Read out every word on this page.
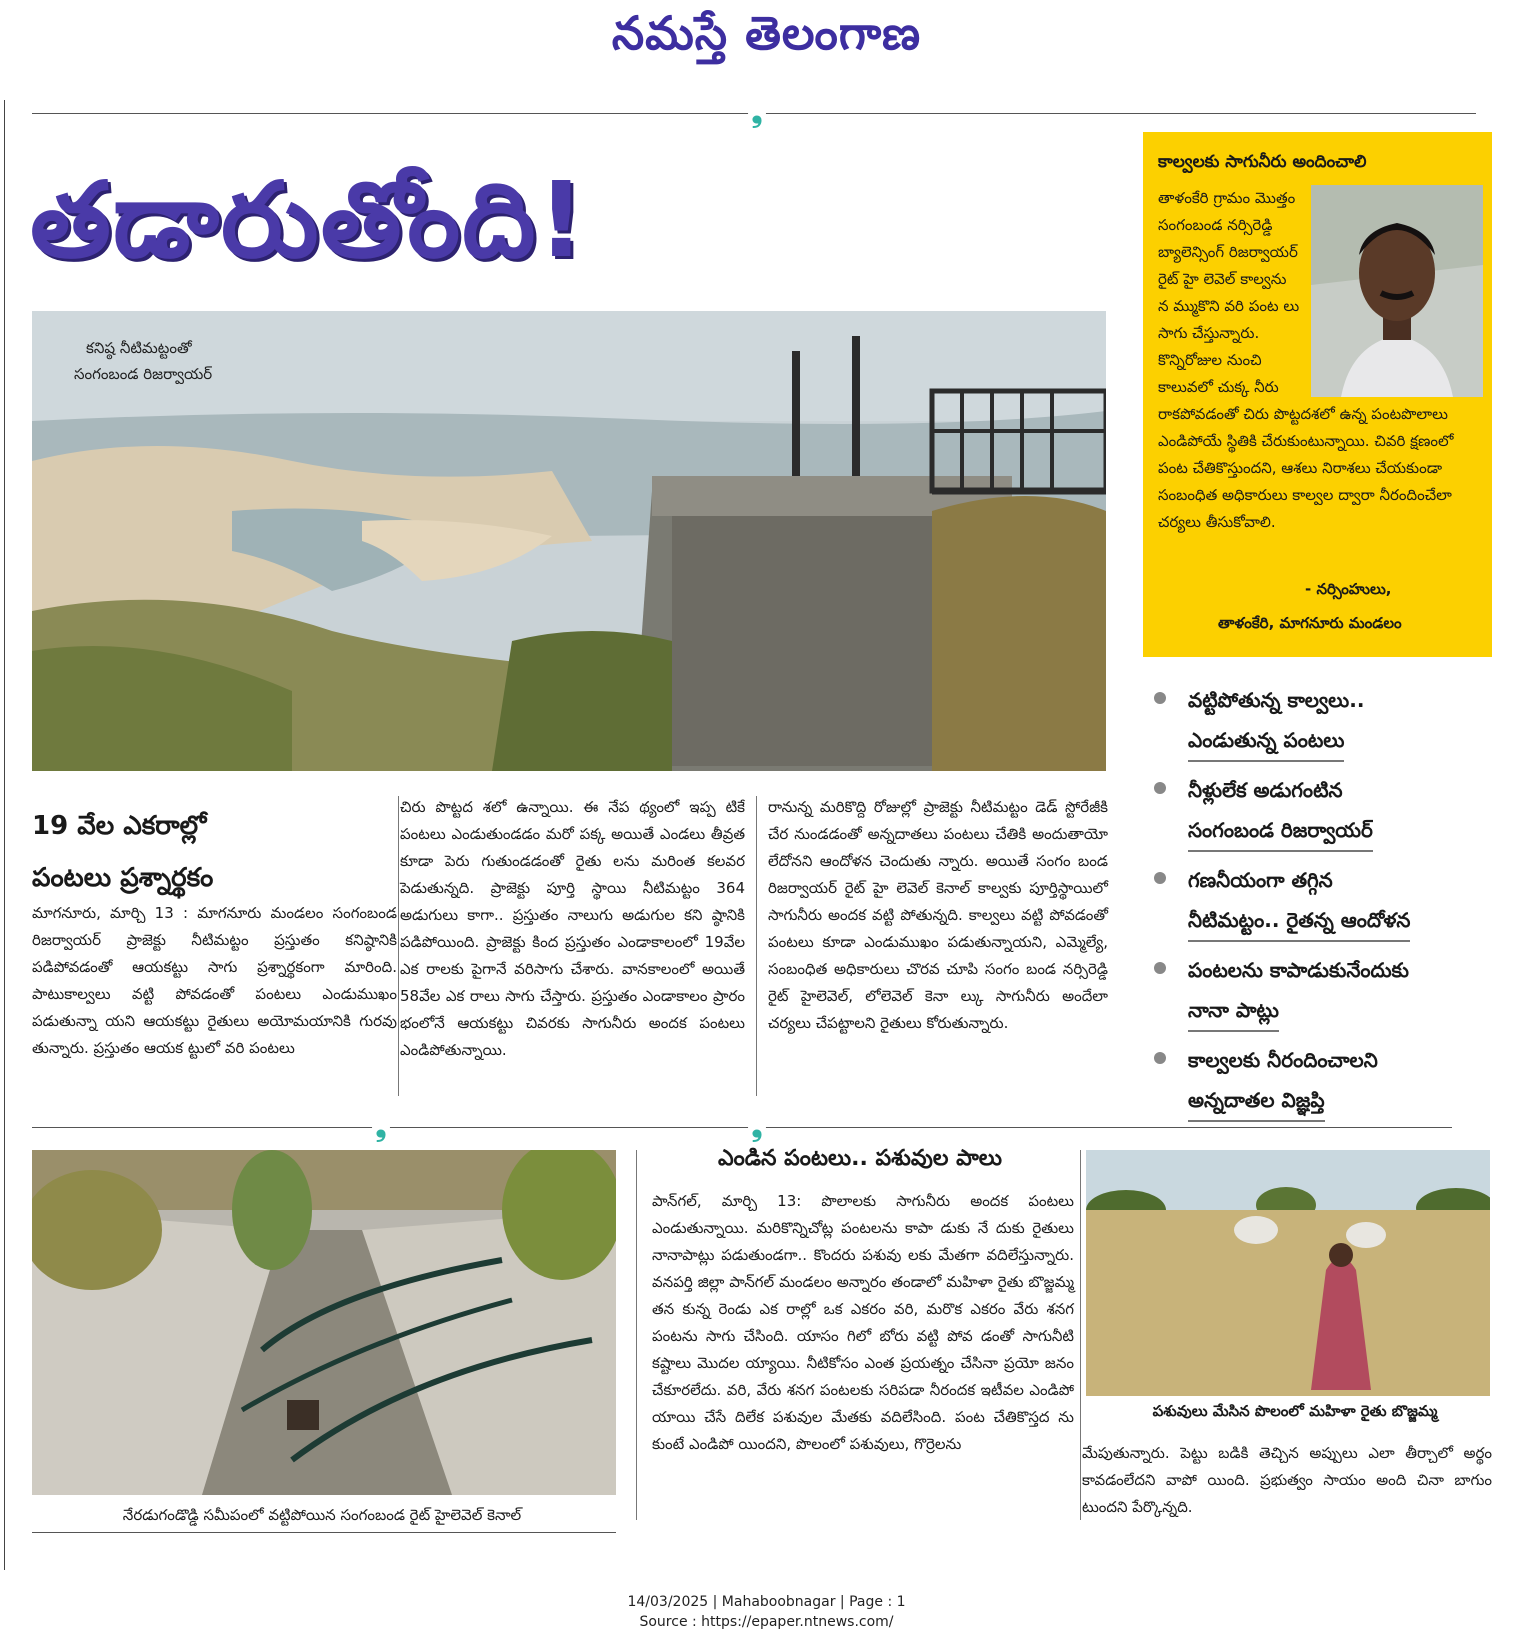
నమస్తే తెలంగాణ
❟
తడారుతోంది!
కనిష్ఠ నీటిమట్టంతో
సంగంబండ రిజర్వాయర్
కాల్వలకు సాగునీరు అందించాలి
తాళంకేరి గ్రామం మొత్తం సంగంబండ నర్సిరెడ్డి బ్యాలెన్సింగ్ రిజర్వాయర్ రైట్ హై లెవెల్ కాల్వను న మ్ముకొని వరి పంట లు సాగు చేస్తున్నారు. కొన్నిరోజుల నుంచి కాలువలో చుక్క నీరు రాకపోవడంతో చిరు పొట్టదశలో ఉన్న పంటపొలాలు ఎండిపోయే స్థితికి చేరుకుంటున్నాయి. చివరి క్షణంలో పంట చేతికొస్తుందని, ఆశలు నిరాశలు చేయకుండా సంబంధిత అధికారులు కాల్వల ద్వారా నీరందించేలా చర్యలు తీసుకోవాలి.
- నర్సింహులు,
తాళంకేరి, మాగనూరు మండలం
వట్టిపోతున్న కాల్వలు..
ఎండుతున్న పంటలు
నీళ్లులేక అడుగంటిన
సంగంబండ రిజర్వాయర్
గణనీయంగా తగ్గిన
నీటిమట్టం.. రైతన్న ఆందోళన
పంటలను కాపాడుకునేందుకు
నానా పాట్లు
కాల్వలకు నీరందించాలని
అన్నదాతల విజ్ఞప్తి
19 వేల ఎకరాల్లో
పంటలు ప్రశ్నార్థకం
మాగనూరు, మార్చి 13 : మాగనూరు మండలం సంగంబండ రిజర్వాయర్ ప్రాజెక్టు నీటిమట్టం ప్రస్తుతం కనిష్ఠానికి పడిపోవడంతో ఆయకట్టు సాగు ప్రశ్నార్థకంగా మారింది. పాటుకాల్వలు వట్టి పోవడంతో పంటలు ఎండుముఖం పడుతున్నా యని ఆయకట్టు రైతులు అయోమయానికి గురవు తున్నారు. ప్రస్తుతం ఆయక ట్టులో వరి పంటలు
చిరు పొట్టద శలో ఉన్నాయి. ఈ నేప థ్యంలో ఇప్ప టికే పంటలు ఎండుతుండడం మరో పక్క అయితే ఎండలు తీవ్రత కూడా పెరు గుతుండడంతో రైతు లను మరింత కలవర పెడుతున్నది. ప్రాజెక్టు పూర్తి స్థాయి నీటిమట్టం 364 అడుగులు కాగా.. ప్రస్తుతం నాలుగు అడుగుల కని ష్ఠానికి పడిపోయింది. ప్రాజెక్టు కింద ప్రస్తుతం ఎండాకాలంలో 19వేల ఎక రాలకు పైగానే వరిసాగు చేశారు. వానకాలంలో అయితే 58వేల ఎక రాలు సాగు చేస్తారు. ప్రస్తుతం ఎండాకాలం ప్రారం భంలోనే ఆయకట్టు చివరకు సాగునీరు అందక పంటలు ఎండిపోతున్నాయి.
రానున్న మరికొద్ది రోజుల్లో ప్రాజెక్టు నీటిమట్టం డెడ్ స్టోరేజీకి చేర నుండడంతో అన్నదాతలు పంటలు చేతికి అందుతాయో లేదోనని ఆందోళన చెందుతు న్నారు. అయితే సంగం బండ రిజర్వాయర్ రైట్ హై లెవెల్ కెనాల్ కాల్వకు పూర్తిస్థాయిలో సాగునీరు అందక వట్టి పోతున్నది. కాల్వలు వట్టి పోవడంతో పంటలు కూడా ఎండుముఖం పడుతున్నాయని, ఎమ్మెల్యే, సంబంధిత అధికారులు చొరవ చూపి సంగం బండ నర్సిరెడ్డి రైట్ హైలెవెల్, లోలెవెల్ కెనా ల్కు సాగునీరు అందేలా చర్యలు చేపట్టాలని రైతులు కోరుతున్నారు.
❟	❟
నేరడుగండొడ్డి సమీపంలో వట్టిపోయిన సంగంబండ రైట్ హైలెవెల్ కెనాల్
ఎండిన పంటలు.. పశువుల పాలు
పాన్‌గల్, మార్చి 13: పొలాలకు సాగునీరు అందక పంటలు ఎండుతున్నాయి. మరికొన్నిచోట్ల పంటలను కాపా డుకు నే దుకు రైతులు నానాపాట్లు పడుతుండగా.. కొందరు పశువు లకు మేతగా వదిలేస్తున్నారు. వనపర్తి జిల్లా పాన్‌గల్ మండలం అన్నారం తండాలో మహిళా రైతు బొజ్జమ్మ తన కున్న రెండు ఎక రాల్లో ఒక ఎకరం వరి, మరొక ఎకరం వేరు శనగ పంటను సాగు చేసింది. యాసం గిలో బోరు వట్టి పోవ డంతో సాగునీటి కష్టాలు మొదల య్యాయి. నీటికోసం ఎంత ప్రయత్నం చేసినా ప్రయో జనం చేకూరలేదు. వరి, వేరు శనగ పంటలకు సరిపడా నీరందక ఇటీవల ఎండిపో యాయి చేసే దిలేక పశువుల మేతకు వదిలేసింది. పంట చేతికొస్తద ను కుంటే ఎండిపో యిందని, పొలంలో పశువులు, గొర్రెలను
పశువులు మేసిన పొలంలో మహిళా రైతు బొజ్జమ్మ
మేపుతున్నారు. పెట్టు బడికి తెచ్చిన అప్పులు ఎలా తీర్చాలో అర్థం కావడంలేదని వాపో యింది. ప్రభుత్వం సాయం అంది చినా బాగుం టుందని పేర్కొన్నది.
14/03/2025 | Mahaboobnagar | Page : 1
Source : https://epaper.ntnews.com/
